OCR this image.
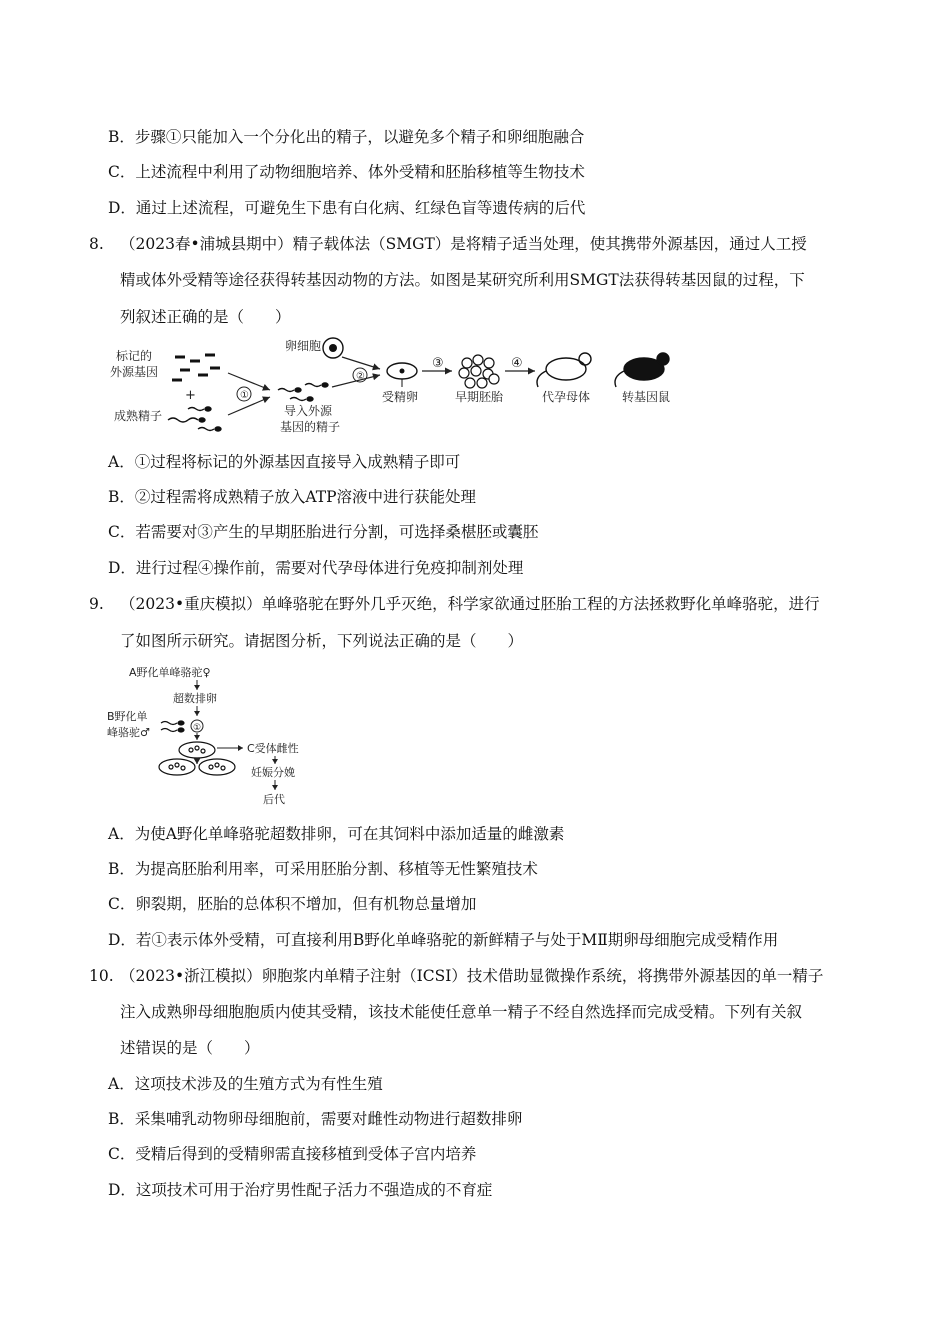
B．步骤①只能加入一个分化出的精子，以避免多个精子和卵细胞融合
C．上述流程中利用了动物细胞培养、体外受精和胚胎移植等生物技术
D．通过上述流程，可避免生下患有白化病、红绿色盲等遗传病的后代
8. （2023春•浦城县期中）精子载体法（SMGT）是将精子适当处理，使其携带外源基因，通过人工授
精或体外受精等途径获得转基因动物的方法。如图是某研究所利用SMGT法获得转基因鼠的过程，下
列叙述正确的是（　　）
标记的
外源基因
+
成熟精子
①
导入外源
基因的精子
卵细胞
②
受精卵
③
早期胚胎
④
代孕母体	转基因鼠
A．①过程将标记的外源基因直接导入成熟精子即可
B．②过程需将成熟精子放入ATP溶液中进行获能处理
C．若需要对③产生的早期胚胎进行分割，可选择桑椹胚或囊胚
D．进行过程④操作前，需要对代孕母体进行免疫抑制剂处理
9. （2023•重庆模拟）单峰骆驼在野外几乎灭绝，科学家欲通过胚胎工程的方法拯救野化单峰骆驼，进行
了如图所示研究。请据图分析，下列说法正确的是（　　）
A野化单峰骆驼♀
超数排卵
B野化单
峰骆驼♂	①
C受体雌性
妊娠分娩
后代
A．为使A野化单峰骆驼超数排卵，可在其饲料中添加适量的雌激素
B．为提高胚胎利用率，可采用胚胎分割、移植等无性繁殖技术
C．卵裂期，胚胎的总体积不增加，但有机物总量增加
D．若①表示体外受精，可直接利用B野化单峰骆驼的新鲜精子与处于MⅡ期卵母细胞完成受精作用
10. （2023•浙江模拟）卵胞浆内单精子注射（ICSI）技术借助显微操作系统，将携带外源基因的单一精子
注入成熟卵母细胞胞质内使其受精，该技术能使任意单一精子不经自然选择而完成受精。下列有关叙
述错误的是（　　）
A．这项技术涉及的生殖方式为有性生殖
B．采集哺乳动物卵母细胞前，需要对雌性动物进行超数排卵
C．受精后得到的受精卵需直接移植到受体子宫内培养
D．这项技术可用于治疗男性配子活力不强造成的不育症
